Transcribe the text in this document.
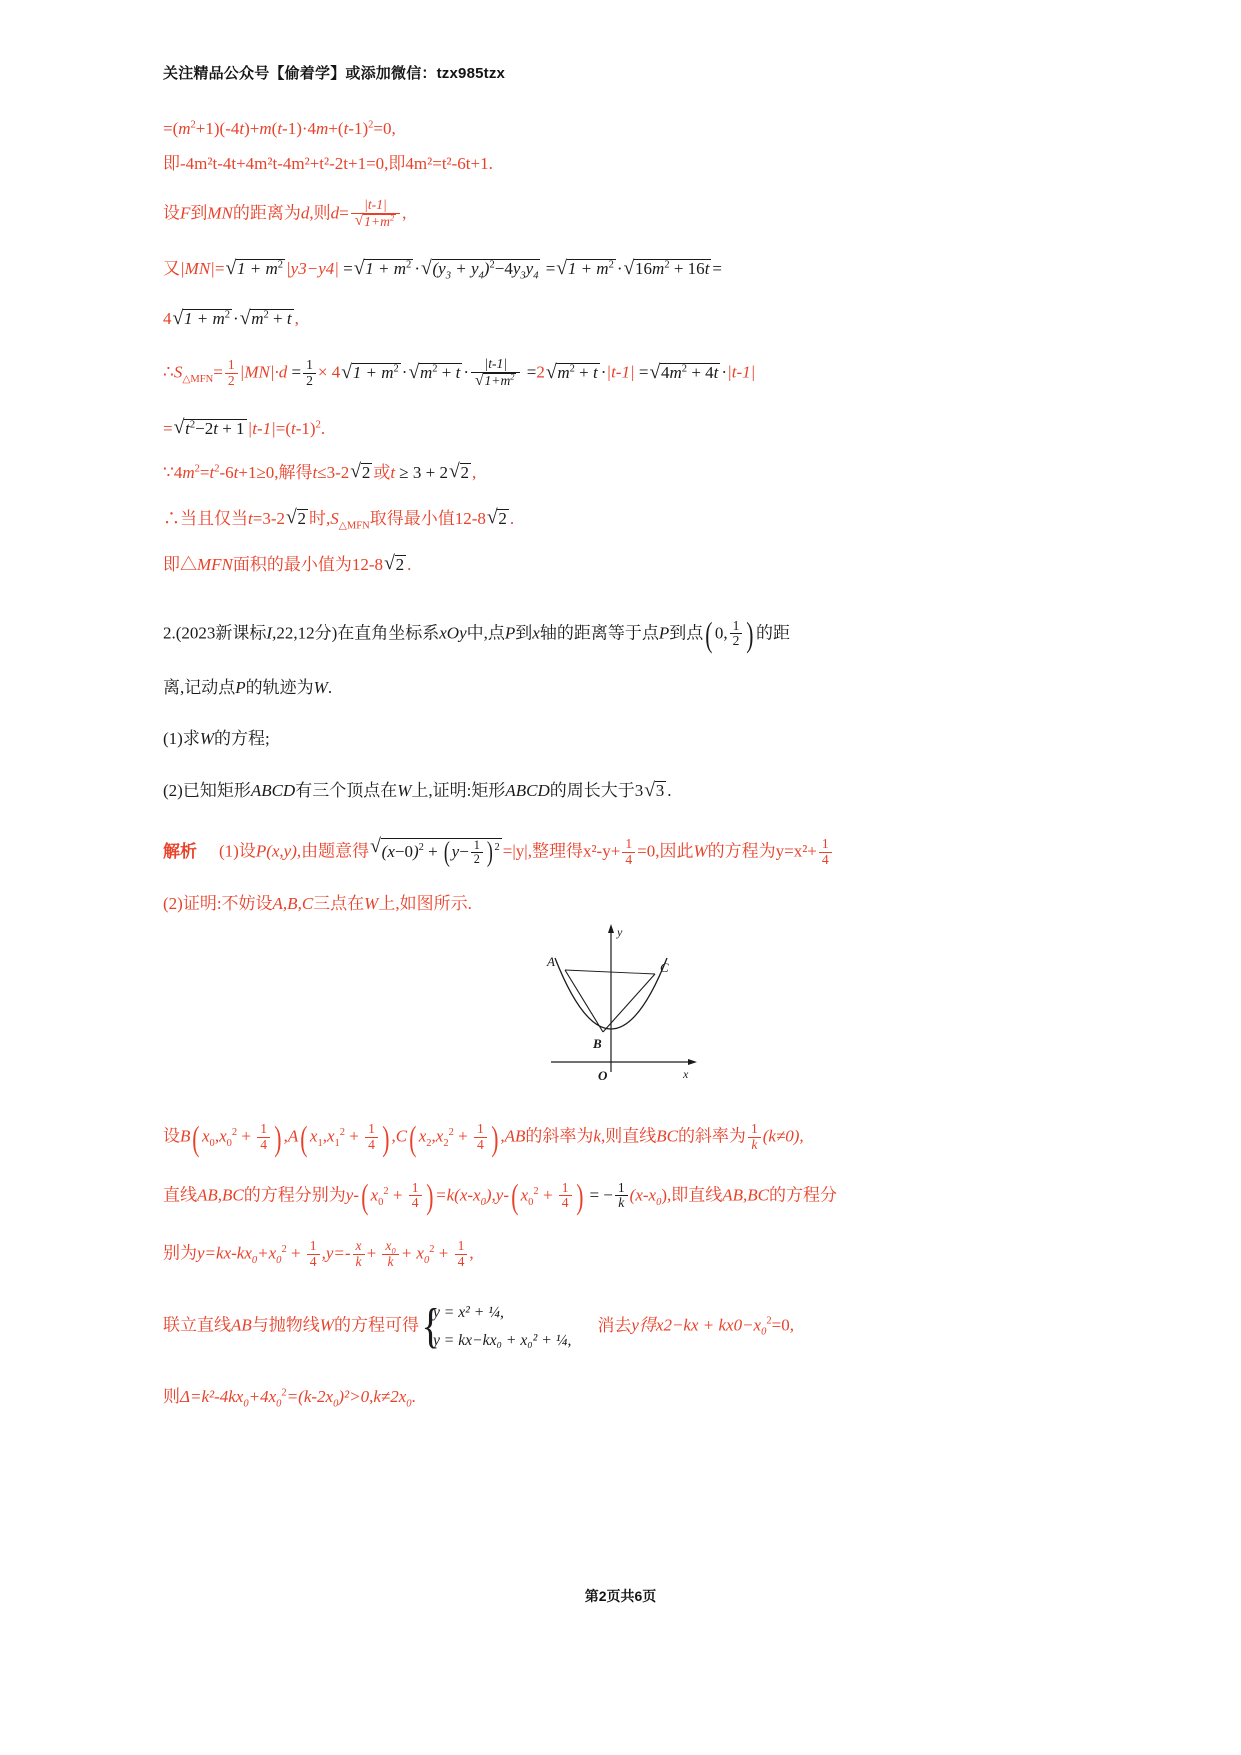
关注精品公众号【偷着学】或添加微信：tzx985tzx
$=(m^2+1)(-4t)+m(t-1)\cdot 4m+(t-1)^2=0$,
即-4m²t-4t+4m²t-4m²+t²-2t+1=0,即4m²=t²-6t+1.
设F到MN的距离为d,则d= |t-1|
√ $1+m^2$ ,
又|MN|= √ $1 + m^2$ |y3−y4| = √ $1 + m^2$ · √ $(y_3 + y_4)^2-4y_3y_4$ = √ $1 + m^2$ · √ $16m^2 + 16t$ =
4 √ $1 + m^2$ · √ $m^2 + t$ ,
$\therefore S_{\triangle MFN}= \frac{1}{2} |MN|\cdot d = \frac{1}{2} \times 4$ √ $1 + m^2$ · √ $m^2 + t \cdot |t-1|$
√ $1+m^2 =2$ √ $m^2 + t \cdot|t-1|$ = √ $4m^2 + 4t \cdot|t-1|$
= √ $t^2-2t + 1$ $|t-1|=(t-1)^2$.
$\because 4m^2=t^2-6t+1\ge 0$,解得t≤3-2 √ 2 或t ≥ 3 + 2 √ 2 ,
∴当且仅当t=3-2 √ 2 时$,S_{\triangle MFN}$取得最小值12-8 √ 2 .
即△MFN面积的最小值为12-8 √ 2 .
2.(2023新课标I,22,12分)在直角坐标系xOy中,点P到x轴的距离等于点P到点( 0, $\frac{1}{2}$ ) 的距
离,记动点P的轨迹为W.
(1)求W的方程;
(2)已知矩形ABCD有三个顶点在W上,证明:矩形ABCD的周长大于3 √ 3 .
解析 (1)设P(x,y),由题意得 √ $(x-0)^2$ + ( $y- \frac{1}{2}$ ) $^2$ =|y|,整理得$x^2-y+ \frac{1}{4} =0$,因此W的方程为$y=x^2+ \frac{1}{4}$
(2)证明:不妨设A,B,C三点在W上,如图所示.
A
B
C
O
y
x
设B( $x_0,x_0^2 + \frac{1}{4}$ ) ,A( $x_1,x_1^2 + \frac{1}{4}$ ) ,C( $x_2,x_2^2 + \frac{1}{4}$ ) ,AB的斜率为k,则直线BC的斜率为 $\frac{1}{k} (k\ne 0)$,
直线AB,BC的方程分别为y-( $x_0^2 + \frac{1}{4}$ ) $=k(x-x_0),y-$( $x_0^2 + \frac{1}{4}$ ) = − $\frac{1}{k} (x-x_0)$,即直线AB,BC的方程分
别为$y=kx-kx_0+x_0^2 + \frac{1}{4} ,y=- \frac{x}{k} + \frac{x_0}{k} + x_0^2 + \frac{1}{4}$ ,
联立直线AB与抛物线W的方程可得
{ y = x² + ¼,
y = kx−kx₀ + x₀² + ¼,
消去y得$x2-kx + kx0-x_0^2=0$,
则$\Delta=k^2-4kx_0+4x_0^2=(k-2x_0)^2>0,k\ne 2x_0$.
第2页共6页
